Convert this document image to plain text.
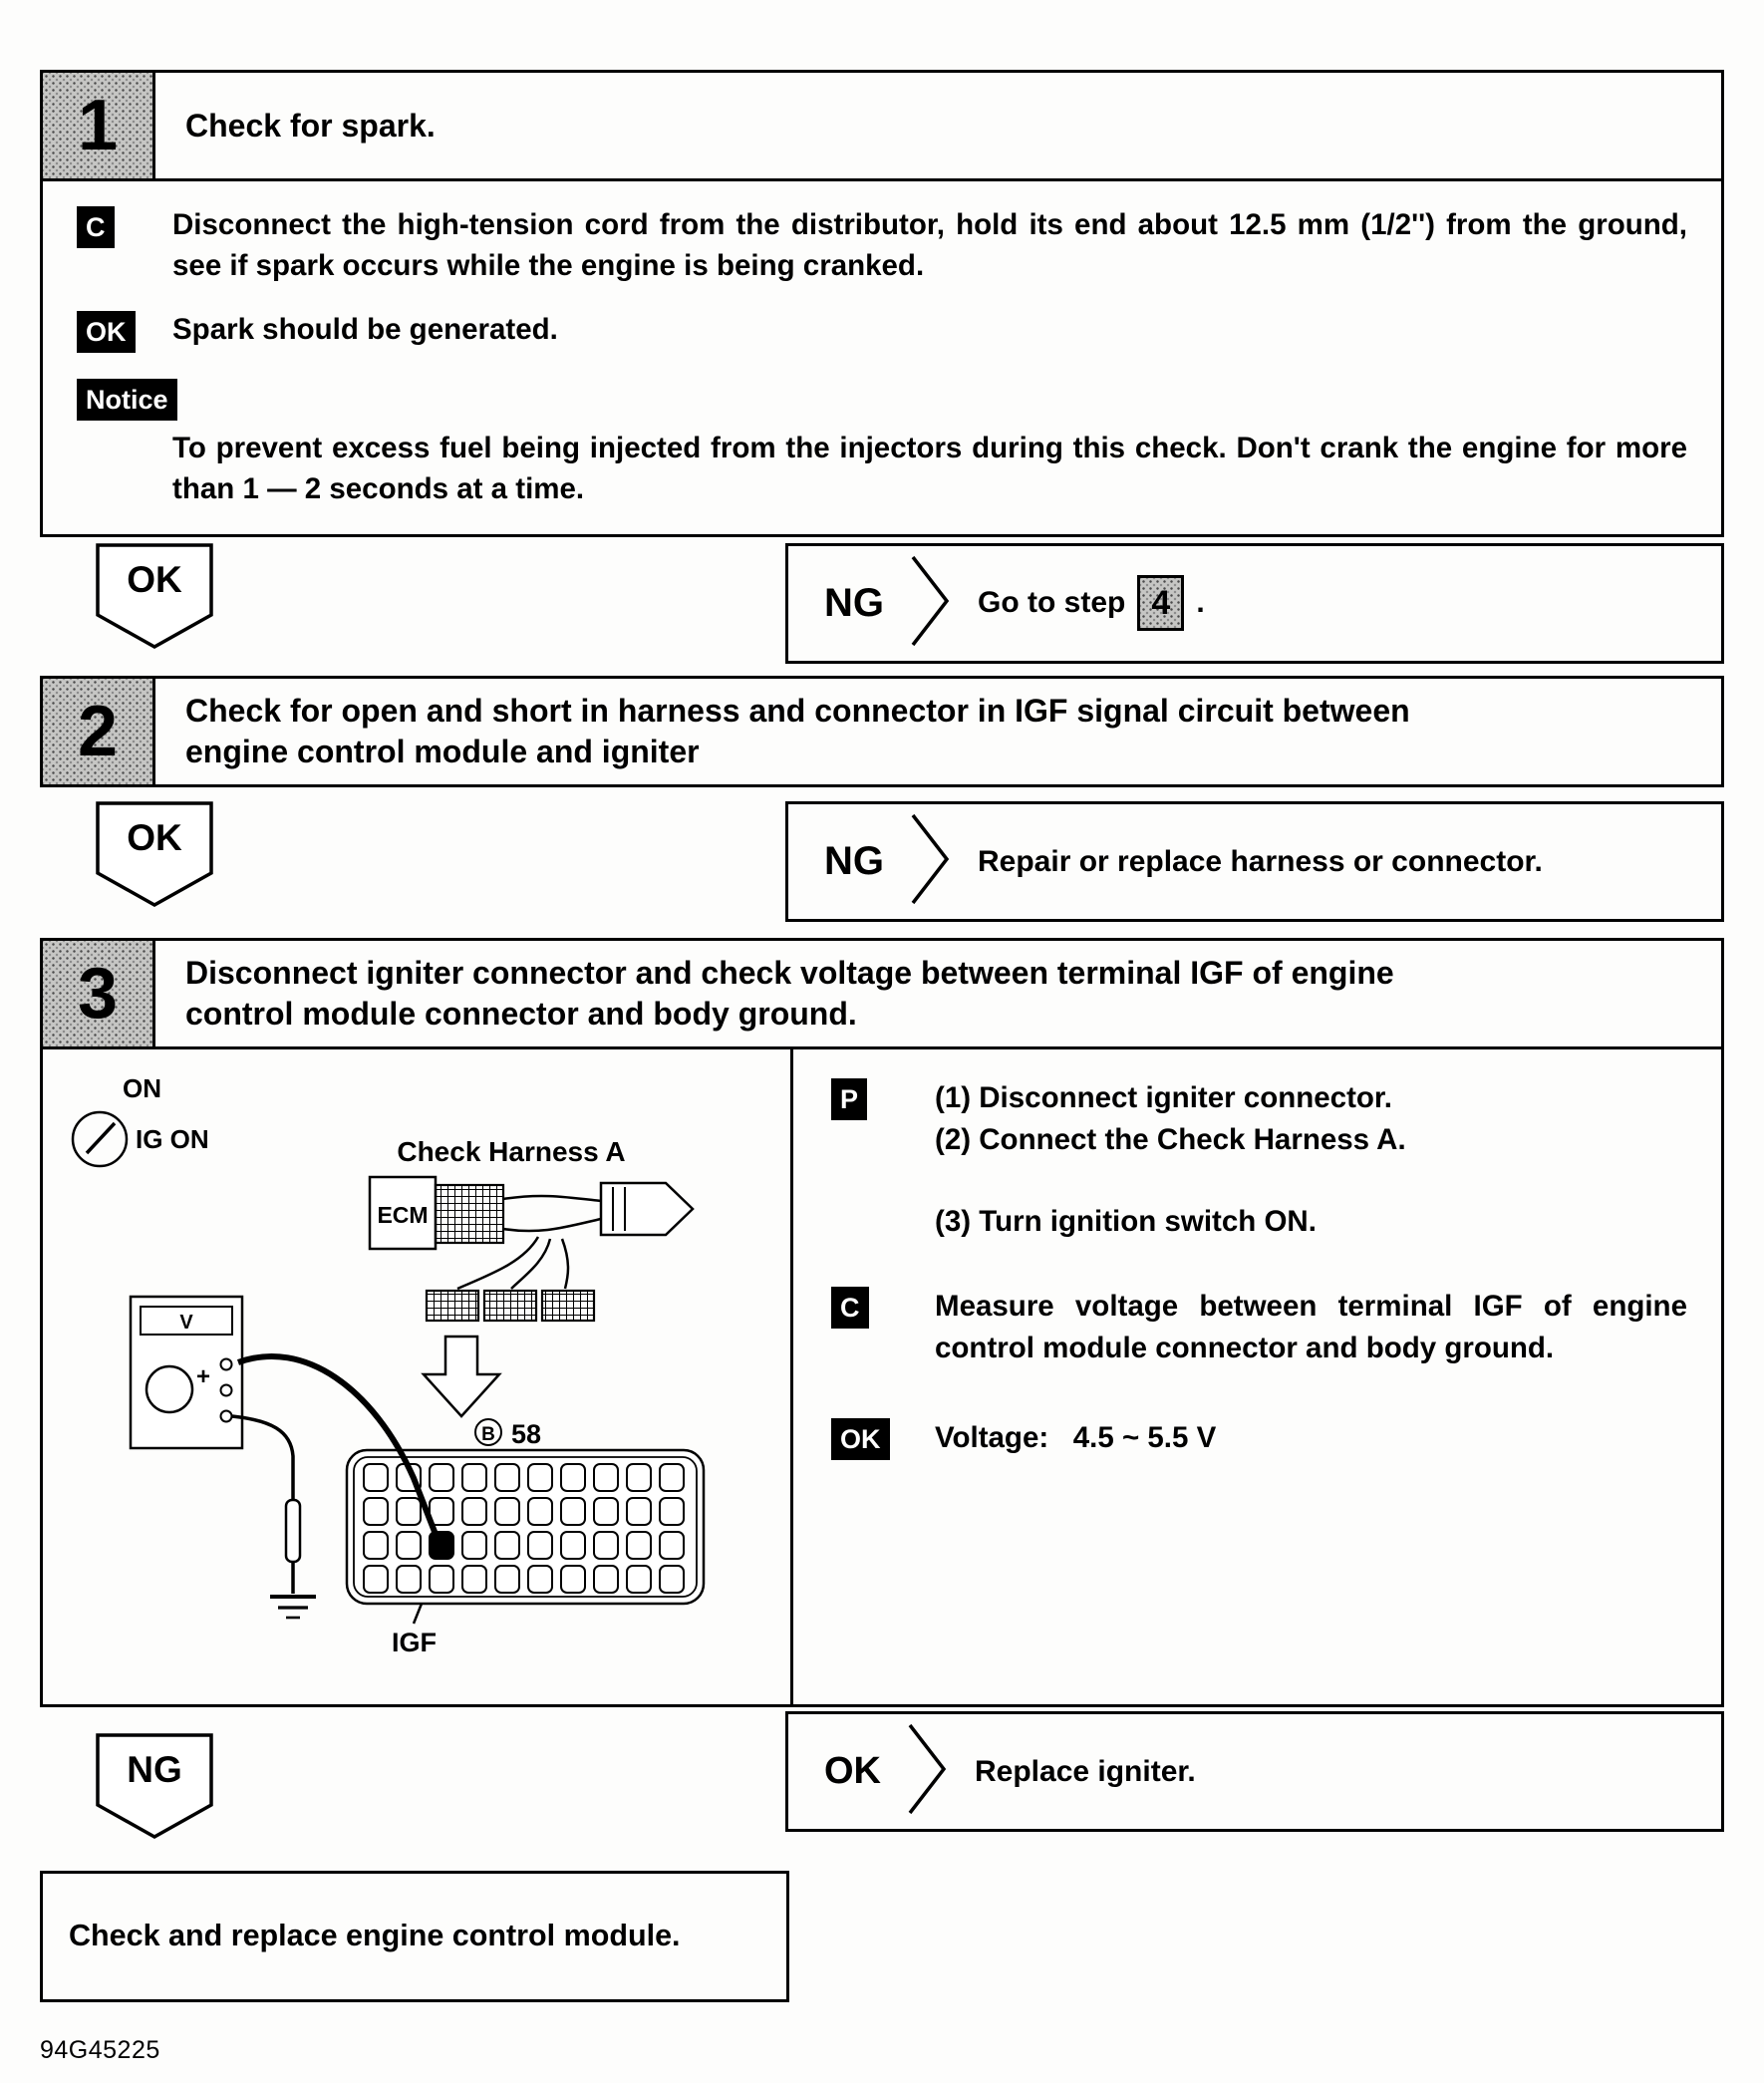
1	Check for spark.
C	Disconnect the high-tension cord from the distributor, hold its end about 12.5 mm (1/2'') from the ground, see if spark occurs while the engine is being cranked.

OK	Spark should be generated.

Notice

To prevent excess fuel being injected from the injectors during this check. Don't crank the engine for more than 1 — 2 seconds at a time.

OK
NG	Go to step 4 .
2	Check for open and short in harness and connector in IGF signal circuit between engine control module and igniter
OK
NG	Repair or replace harness or connector.
3	Disconnect igniter connector and check voltage between terminal IGF of engine control module connector and body ground.
ON
IG ON	Check Harness A
ECM
B 58
IGF
V
+
P	(1) Disconnect igniter connector.
(2) Connect the Check Harness A.
(3) Turn ignition switch ON.
C	Measure voltage between terminal IGF of engine control module connector and body ground.

OK	Voltage:   4.5 ~ 5.5 V

NG	OK	Replace igniter.
Check and replace engine control module.
94G45225
